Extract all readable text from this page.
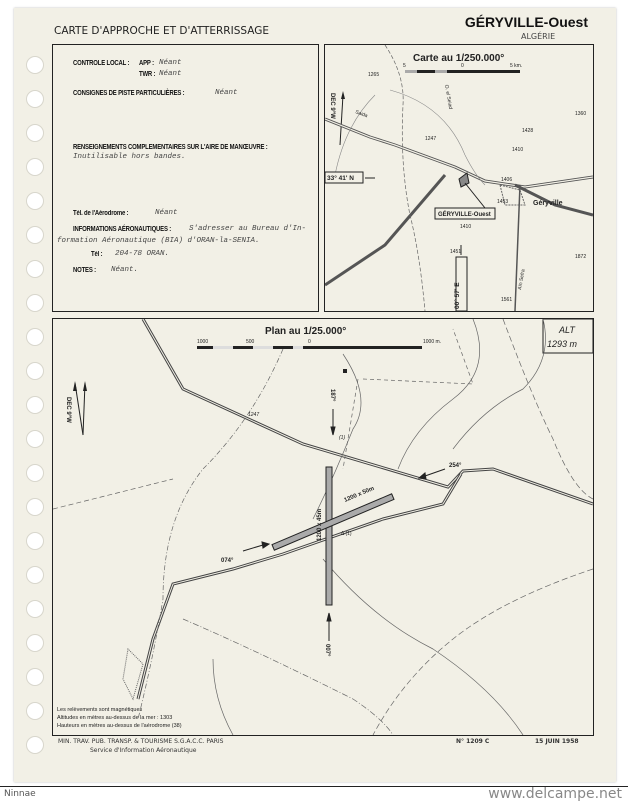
CARTE D'APPROCHE ET D'ATTERRISSAGE
GÉRYVILLE-Ouest
ALGÉRIE
CONTROLE LOCAL : APP : Néant
TWR : Néant
CONSIGNES DE PISTE PARTICULIÈRES :	Néant
RENSEIGNEMENTS COMPLEMENTAIRES SUR L'AIRE DE MANŒUVRE :
Inutilisable hors bandes.
Tél. de l'Aérodrome :	Néant
INFORMATIONS AÉRONAUTIQUES : S'adresser au Bureau d'In-
formation Aéronautique (BIA) d'ORAN-la-SENIA.
Tél : 204-78 ORAN.
NOTES : Néant.
Carte au 1/250.000°
5	0	5 km.
DEC 9°W	Saida
O. el Seiad
Géryville
Aïn Sefra
GÉRYVILLE-Ouest
33° 41' N
00° 57' E
1265
1247
1428
1410
1360
1406
1453
1410
1451
1872
1561
Plan au 1/25.000°
1000	500	0	1000 m.
ALT
1293 m
DEC 9°W
1200 x 50m
1200 x 45m	Δ (1)
(1)
1247
187°
254°
074°
007°
Les relèvements sont magnétiques
Altitudes en mètres au-dessus de la mer : 1303
Hauteurs en mètres au-dessus de l'aérodrome (38)
MIN. TRAV. PUB. TRANSP. & TOURISME S.G.A.C.C. PARIS
Service d'Information Aéronautique
N° 1209 C	15 JUIN 1958
Ninnae	www.delcampe.net
